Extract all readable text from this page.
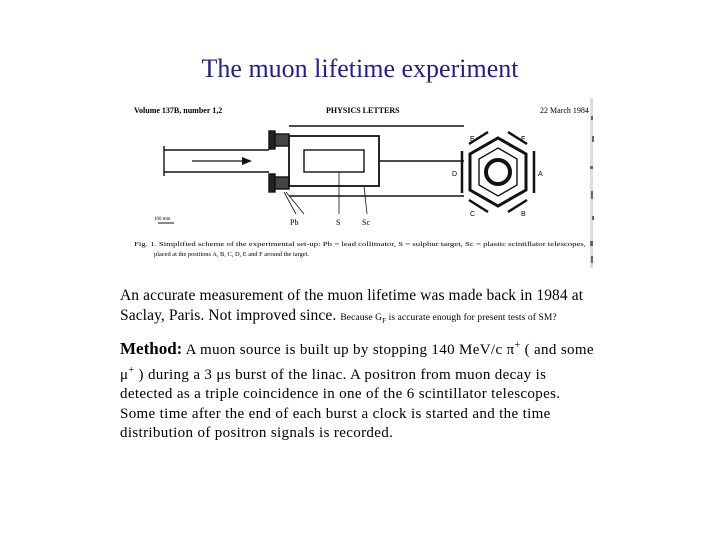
The muon lifetime experiment
Volume 137B, number 1,2	PHYSICS LETTERS	22 March 1984
100 mm	Pb	S	Sc
E	F
D	A
C	B
Fig. 1. Simplified scheme of the experimental set-up: Pb = lead collimator, S = sulphur target, Sc = plastic scintillator telescopes,
placed at the positions A, B, C, D, E and F around the target.
An accurate measurement of the muon lifetime was made back in 1984 at Saclay, Paris. Not improved since. Because $G_F$ is accurate enough for present tests of SM?
Method: A muon source is built up by stopping 140 MeV/c π+ ( and some μ+ ) during a 3 μs burst of the linac. A positron from muon decay is detected as a triple coincidence in one of the 6 scintillator telescopes. Some time after the end of each burst a clock is started and the time distribution of positron signals is recorded.
